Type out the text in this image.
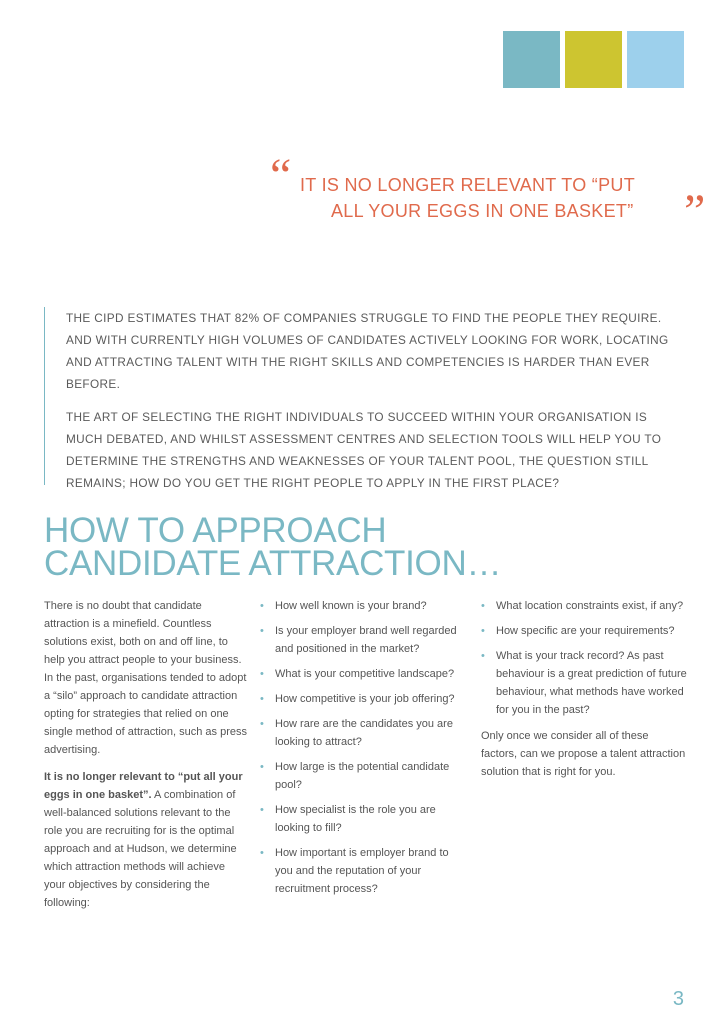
“ IT IS NO LONGER RELEVANT TO “PUT
ALL YOUR EGGS IN ONE BASKET”	”

THE CIPD ESTIMATES THAT 82% OF COMPANIES STRUGGLE TO FIND THE PEOPLE THEY REQUIRE. AND WITH CURRENTLY HIGH VOLUMES OF CANDIDATES ACTIVELY LOOKING FOR WORK, LOCATING AND ATTRACTING TALENT WITH THE RIGHT SKILLS AND COMPETENCIES IS HARDER THAN EVER BEFORE.

THE ART OF SELECTING THE RIGHT INDIVIDUALS TO SUCCEED WITHIN YOUR ORGANISATION IS MUCH DEBATED, AND WHILST ASSESSMENT CENTRES AND SELECTION TOOLS WILL HELP YOU TO DETERMINE THE STRENGTHS AND WEAKNESSES OF YOUR TALENT POOL, THE QUESTION STILL REMAINS; HOW DO YOU GET THE RIGHT PEOPLE TO APPLY IN THE FIRST PLACE?

HOW TO APPROACH
CANDIDATE ATTRACTION…

There is no doubt that candidate attraction is a minefield. Countless solutions exist, both on and off line, to help you attract people to your business. In the past, organisations tended to adopt a “silo” approach to candidate attraction opting for strategies that relied on one single method of attraction, such as press advertising.

It is no longer relevant to “put all your eggs in one basket”. A combination of well-balanced solutions relevant to the role you are recruiting for is the optimal approach and at Hudson, we determine which attraction methods will achieve your objectives by considering the following:

• How well known is your brand?
• Is your employer brand well regarded and positioned in the market?
• What is your competitive landscape?
• How competitive is your job offering?
• How rare are the candidates you are looking to attract?
• How large is the potential candidate pool?
• How specialist is the role you are looking to fill?
• How important is employer brand to you and the reputation of your recruitment process?
• What location constraints exist, if any?
• How specific are your requirements?
• What is your track record? As past behaviour is a great prediction of future behaviour, what methods have worked for you in the past?

Only once we consider all of these factors, can we propose a talent attraction solution that is right for you.

3
